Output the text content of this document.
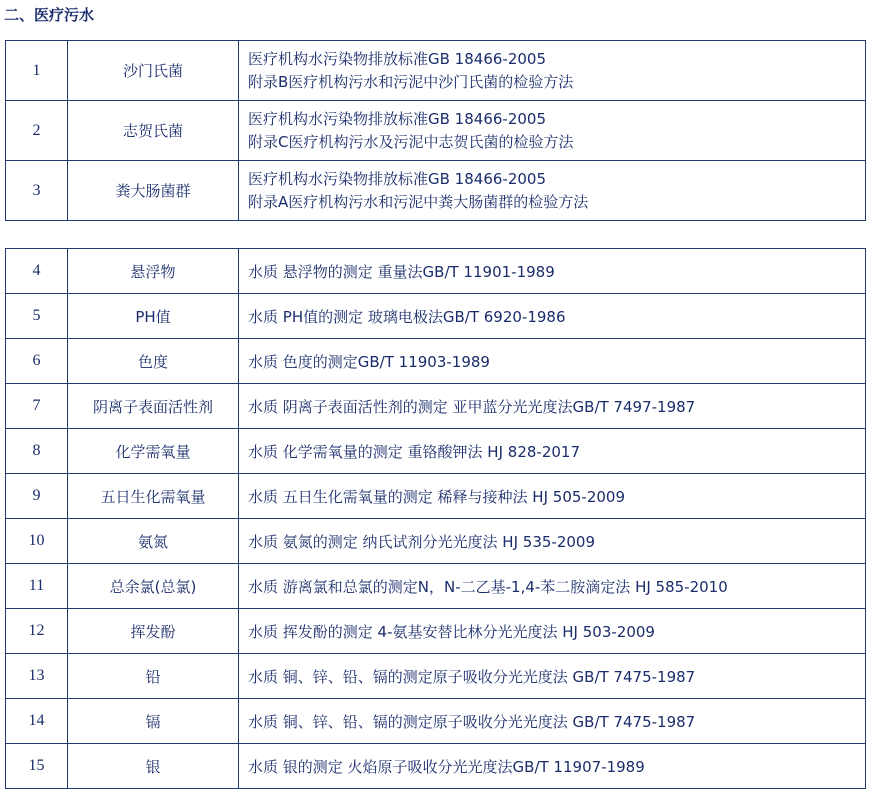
二、医疗污水
1	沙门氏菌	医疗机构水污染物排放标准GB 18466-2005
附录B医疗机构污水和污泥中沙门氏菌的检验方法

2	志贺氏菌	医疗机构水污染物排放标准GB 18466-2005
附录C医疗机构污水及污泥中志贺氏菌的检验方法

3	粪大肠菌群	医疗机构水污染物排放标准GB 18466-2005
附录A医疗机构污水和污泥中粪大肠菌群的检验方法
4	悬浮物	水质 悬浮物的测定 重量法GB/T 11901-1989
5	PH值	水质 PH值的测定 玻璃电极法GB/T 6920-1986
6	色度	水质 色度的测定GB/T 11903-1989
7	阴离子表面活性剂	水质 阴离子表面活性剂的测定 亚甲蓝分光光度法GB/T 7497-1987
8	化学需氧量	水质 化学需氧量的测定 重铬酸钾法 HJ 828-2017
9	五日生化需氧量	水质 五日生化需氧量的测定 稀释与接种法 HJ 505-2009
10	氨氮	水质 氨氮的测定 纳氏试剂分光光度法 HJ 535-2009
11	总余氯(总氯)	水质 游离氯和总氯的测定N，N-二乙基-1,4-苯二胺滴定法 HJ 585-2010
12	挥发酚	水质 挥发酚的测定 4-氨基安替比林分光光度法 HJ 503-2009
13	铅	水质 铜、锌、铅、镉的测定原子吸收分光光度法 GB/T 7475-1987
14	镉	水质 铜、锌、铅、镉的测定原子吸收分光光度法 GB/T 7475-1987
15	银	水质 银的测定 火焰原子吸收分光光度法GB/T 11907-1989
